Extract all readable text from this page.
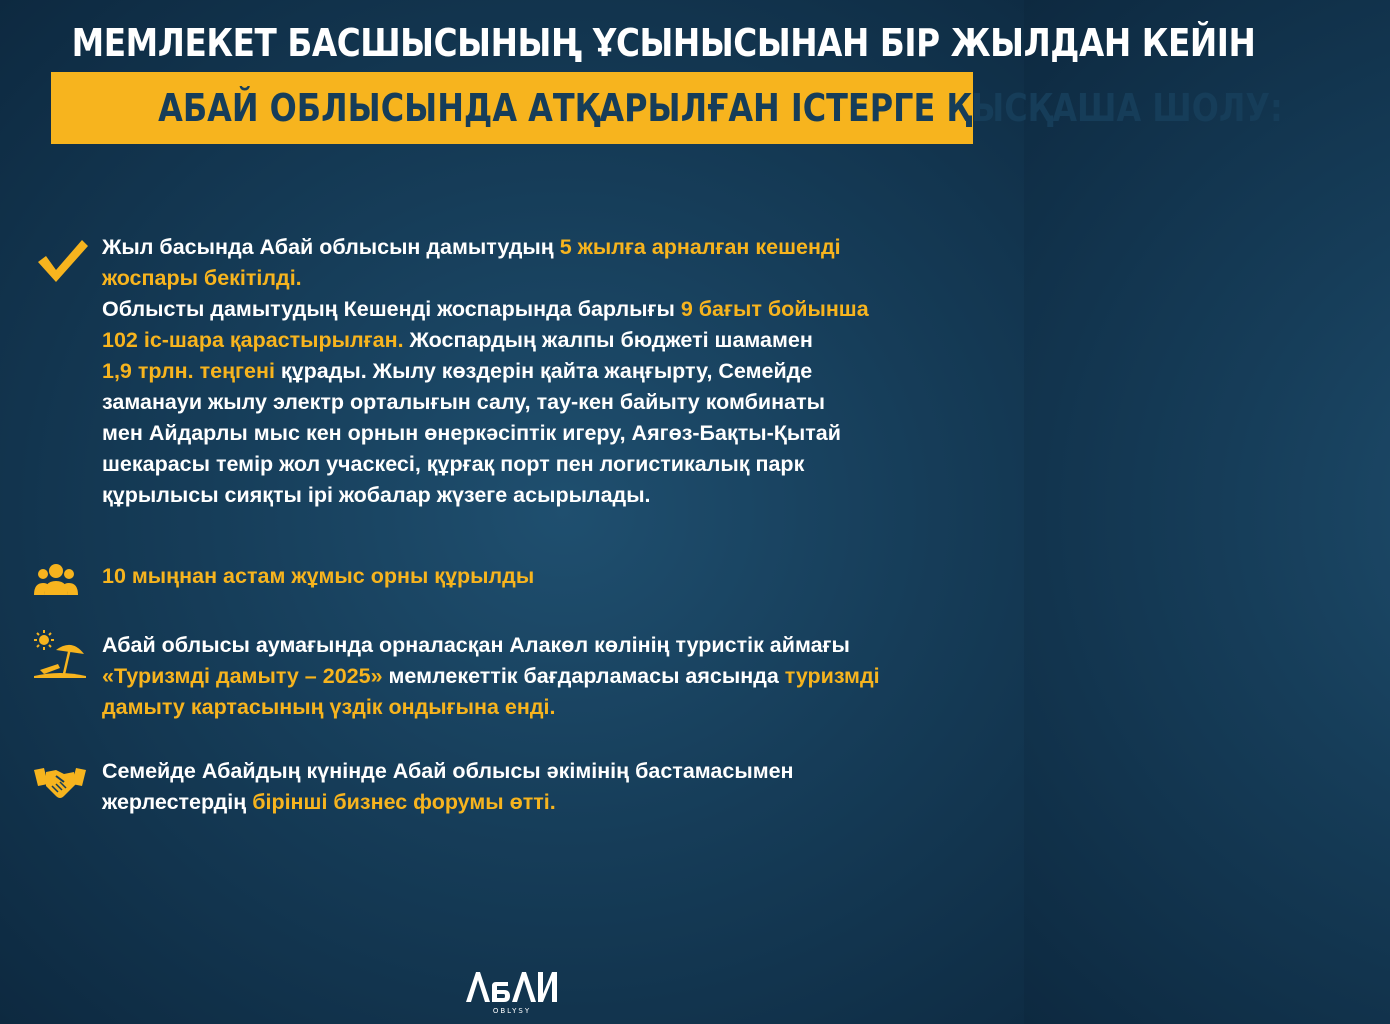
МЕМЛЕКЕТ БАСШЫСЫНЫҢ ҰСЫНЫСЫНАН БІР ЖЫЛДАН КЕЙІН
АБАЙ ОБЛЫСЫНДА АТҚАРЫЛҒАН ІСТЕРГЕ ҚЫСҚАША ШОЛУ:

Жыл басында Абай облысын дамытудың 5 жылға арналған кешенді

жоспары бекітілді.

Облысты дамытудың Кешенді жоспарында барлығы 9 бағыт бойынша

102 іс-шара қарастырылған. Жоспардың жалпы бюджеті шамамен

1,9 трлн. теңгені құрады. Жылу көздерін қайта жаңғырту, Семейде

заманауи жылу электр орталығын салу, тау-кен байыту комбинаты

мен Айдарлы мыс кен орнын өнеркәсіптік игеру, Аягөз-Бақты-Қытай

шекарасы темір жол учаскесі, құрғақ порт пен логистикалық парк

құрылысы сияқты ірі жобалар жүзеге асырылады.

10 мыңнан астам жұмыс орны құрылды

Абай облысы аумағында орналасқан Алакөл көлінің туристік аймағы

«Туризмді дамыту – 2025» мемлекеттік бағдарламасы аясында туризмді

дамыту картасының үздік ондығына енді.

Семейде Абайдың күнінде Абай облысы әкімінің бастамасымен

жерлестердің бірінші бизнес форумы өтті.

OBLYSY
